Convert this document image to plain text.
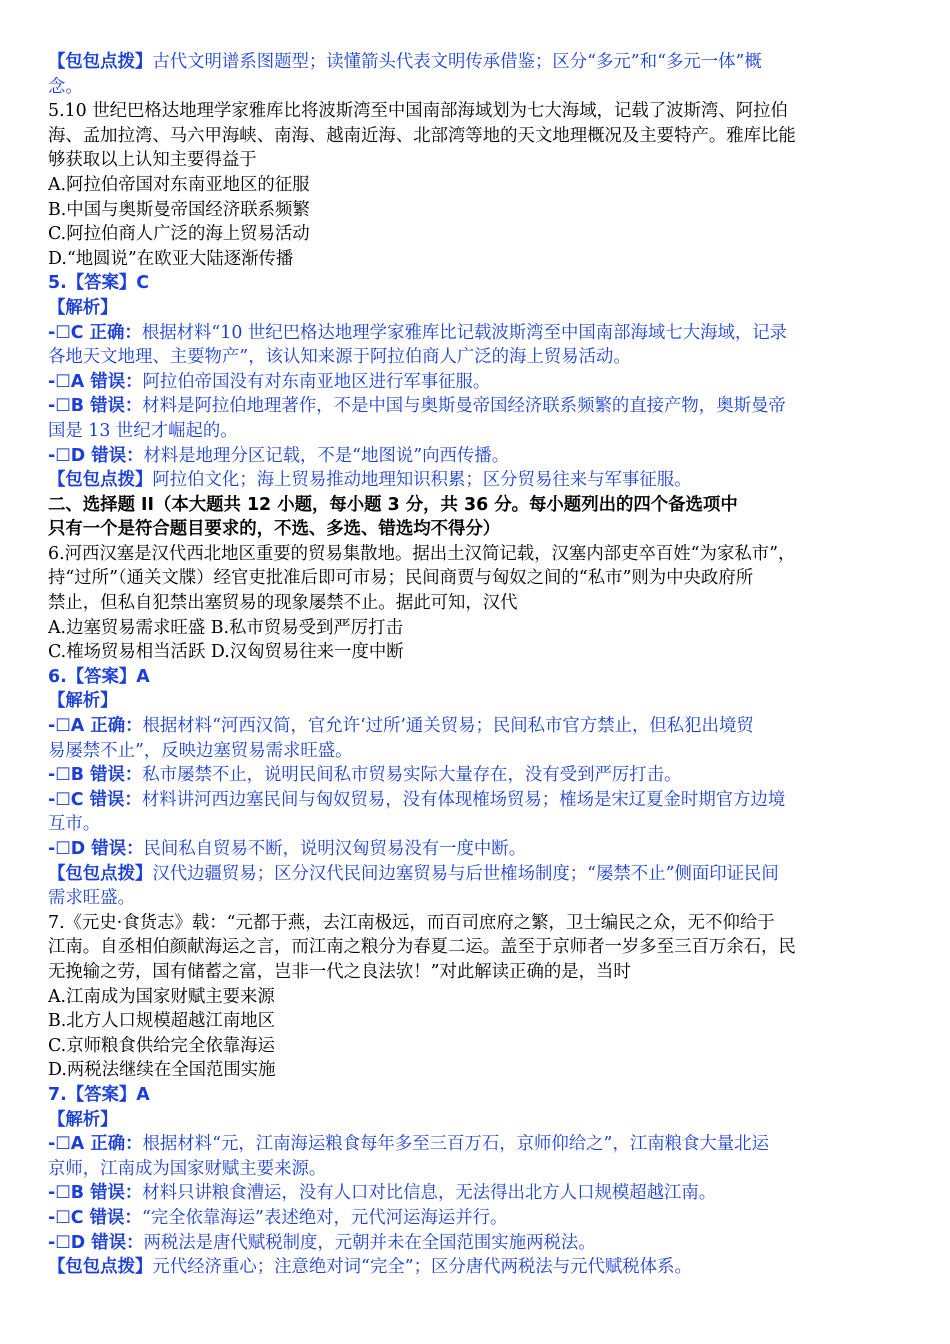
【包包点拨】古代文明谱系图题型；读懂箭头代表文明传承借鉴；区分“多元”和“多元一体”概
念。
5.10 世纪巴格达地理学家雅库比将波斯湾至中国南部海域划为七大海域，记载了波斯湾、阿拉伯
海、孟加拉湾、马六甲海峡、南海、越南近海、北部湾等地的天文地理概况及主要特产。雅库比能
够获取以上认知主要得益于
A.阿拉伯帝国对东南亚地区的征服
B.中国与奥斯曼帝国经济联系频繁
C.阿拉伯商人广泛的海上贸易活动
D.“地圆说”在欧亚大陆逐渐传播
5.【答案】C
【解析】
-☐C 正确：根据材料“10 世纪巴格达地理学家雅库比记载波斯湾至中国南部海域七大海域，记录
各地天文地理、主要物产”，该认知来源于阿拉伯商人广泛的海上贸易活动。
-☐A 错误：阿拉伯帝国没有对东南亚地区进行军事征服。
-☐B 错误：材料是阿拉伯地理著作，不是中国与奥斯曼帝国经济联系频繁的直接产物，奥斯曼帝
国是 13 世纪才崛起的。
-☐D 错误：材料是地理分区记载，不是“地图说”向西传播。
【包包点拨】阿拉伯文化；海上贸易推动地理知识积累；区分贸易往来与军事征服。
二、选择题 II（本大题共 12 小题，每小题 3 分，共 36 分。每小题列出的四个备选项中
只有一个是符合题目要求的，不选、多选、错选均不得分）
6.河西汉塞是汉代西北地区重要的贸易集散地。据出土汉简记载，汉塞内部吏卒百姓“为家私市”，
持“过所”（通关文牒）经官吏批准后即可市易；民间商贾与匈奴之间的“私市”则为中央政府所
禁止，但私自犯禁出塞贸易的现象屡禁不止。据此可知，汉代
A.边塞贸易需求旺盛 B.私市贸易受到严厉打击
C.榷场贸易相当活跃 D.汉匈贸易往来一度中断
6.【答案】A
【解析】
-☐A 正确：根据材料“河西汉简，官允许‘过所’通关贸易；民间私市官方禁止，但私犯出境贸
易屡禁不止”，反映边塞贸易需求旺盛。
-☐B 错误：私市屡禁不止，说明民间私市贸易实际大量存在，没有受到严厉打击。
-☐C 错误：材料讲河西边塞民间与匈奴贸易，没有体现榷场贸易；榷场是宋辽夏金时期官方边境
互市。
-☐D 错误：民间私自贸易不断，说明汉匈贸易没有一度中断。
【包包点拨】汉代边疆贸易；区分汉代民间边塞贸易与后世榷场制度；“屡禁不止”侧面印证民间
需求旺盛。
7.《元史·食货志》载：“元都于燕，去江南极远，而百司庶府之繁，卫士编民之众，无不仰给于
江南。自丞相伯颜献海运之言，而江南之粮分为春夏二运。盖至于京师者一岁多至三百万余石，民
无挽输之劳，国有储蓄之富，岂非一代之良法欤！”对此解读正确的是，当时
A.江南成为国家财赋主要来源
B.北方人口规模超越江南地区
C.京师粮食供给完全依靠海运
D.两税法继续在全国范围实施
7.【答案】A
【解析】
-☐A 正确：根据材料“元，江南海运粮食每年多至三百万石，京师仰给之”，江南粮食大量北运
京师，江南成为国家财赋主要来源。
-☐B 错误：材料只讲粮食漕运，没有人口对比信息，无法得出北方人口规模超越江南。
-☐C 错误：“完全依靠海运”表述绝对，元代河运海运并行。
-☐D 错误：两税法是唐代赋税制度，元朝并未在全国范围实施两税法。
【包包点拨】元代经济重心；注意绝对词“完全”；区分唐代两税法与元代赋税体系。
